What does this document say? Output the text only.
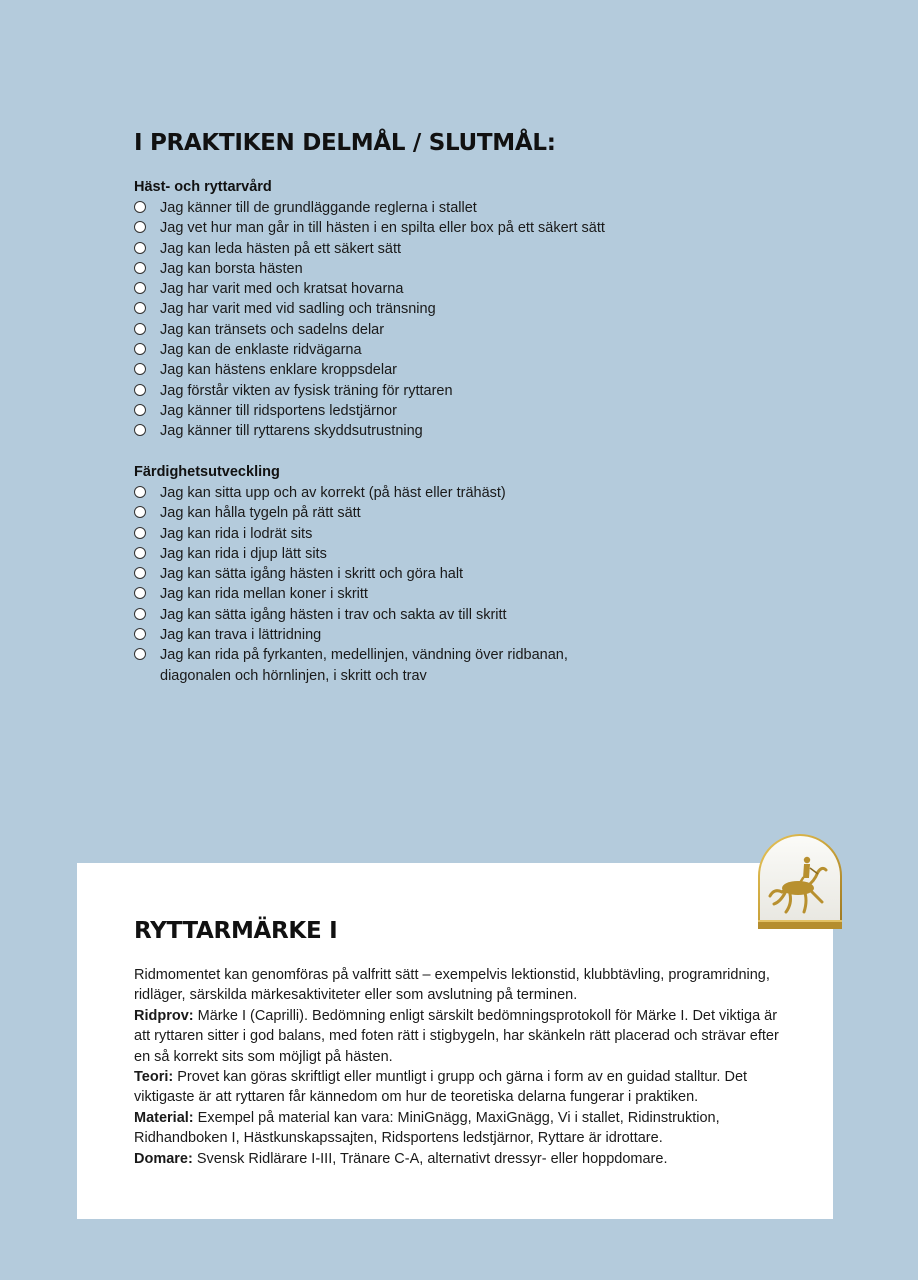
I PRAKTIKEN DELMÅL / SLUTMÅL:
Häst- och ryttarvård
Jag känner till de grundläggande reglerna i stallet
Jag vet hur man går in till hästen i en spilta eller box på ett säkert sätt
Jag kan leda hästen på ett säkert sätt
Jag kan borsta hästen
Jag har varit med och kratsat hovarna
Jag har varit med vid sadling och tränsning
Jag kan tränsets och sadelns delar
Jag kan de enklaste ridvägarna
Jag kan hästens enklare kroppsdelar
Jag förstår vikten av fysisk träning för ryttaren
Jag känner till ridsportens ledstjärnor
Jag känner till ryttarens skyddsutrustning
Färdighetsutveckling
Jag kan sitta upp och av korrekt (på häst eller trähäst)
Jag kan hålla tygeln på rätt sätt
Jag kan rida i lodrät sits
Jag kan rida i djup lätt sits
Jag kan sätta igång hästen i skritt och göra halt
Jag kan rida mellan koner i skritt
Jag kan sätta igång hästen i trav och sakta av till skritt
Jag kan trava i lättridning
Jag kan rida på fyrkanten, medellinjen, vändning över ridbanan, diagonalen och hörnlinjen, i skritt och trav
RYTTARMÄRKE I

Ridmomentet kan genomföras på valfritt sätt – exempelvis lektionstid, klubbtävling, programridning, ridläger, särskilda märkesaktiviteter eller som avslutning på terminen.

Ridprov: Märke I (Caprilli). Bedömning enligt särskilt bedömningsprotokoll för Märke I. Det viktiga är att ryttaren sitter i god balans, med foten rätt i stigbygeln, har skänkeln rätt placerad och strävar efter en så korrekt sits som möjligt på hästen.

Teori: Provet kan göras skriftligt eller muntligt i grupp och gärna i form av en guidad stalltur. Det viktigaste är att ryttaren får kännedom om hur de teoretiska delarna fungerar i praktiken.

Material: Exempel på material kan vara: MiniGnägg, MaxiGnägg, Vi i stallet, Ridinstruktion, Ridhandboken I, Hästkunskapssajten, Ridsportens ledstjärnor, Ryttare är idrottare.

Domare: Svensk Ridlärare I-III, Tränare C-A, alternativt dressyr- eller hoppdomare.
